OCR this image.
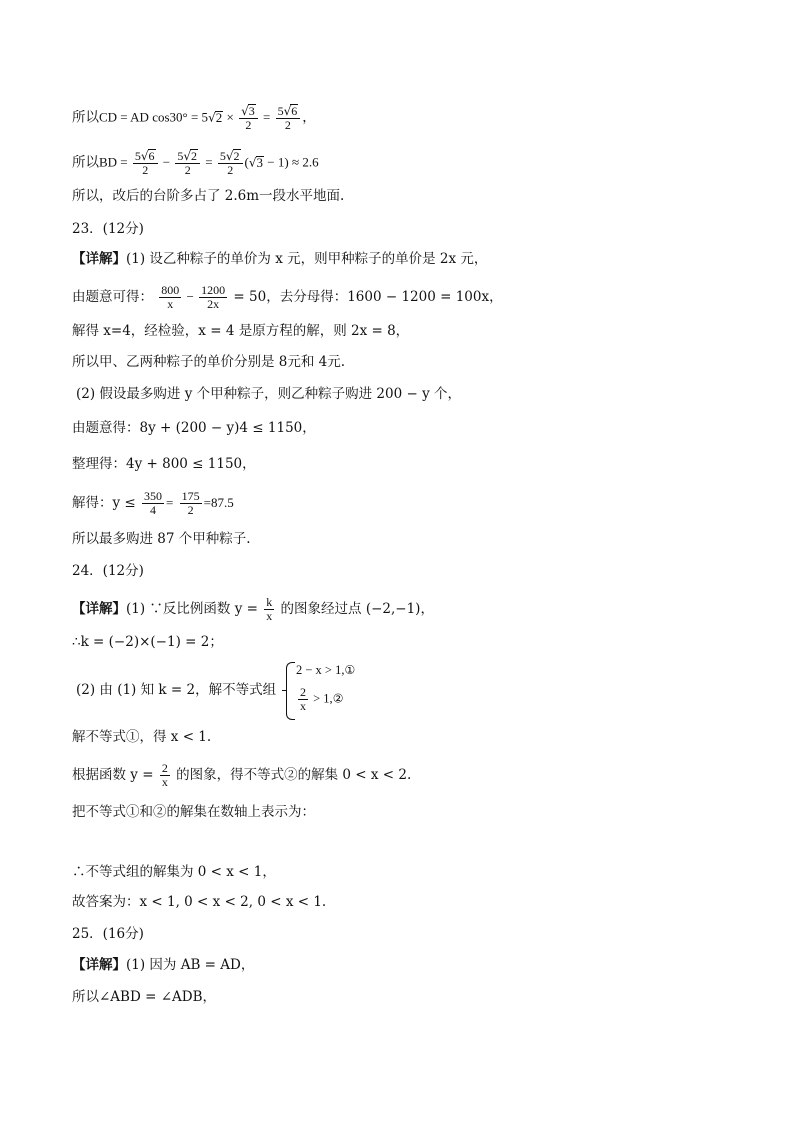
所以CD = AD $\cos 30^\circ = 5√2 \times \frac{√3}{2} = \frac{5√6}{2}$ ，
所以BD = $\frac{5√6}{2} - \frac{5√2}{2} = \frac{5√2}{2} (√3 - 1) \approx 2.6$
所以，改后的台阶多占了 2.6m一段水平地面.
23．(12分)
【详解】(1) 设乙种粽子的单价为 x 元，则甲种粽子的单价是 2x 元，
由题意可得： $\frac{800}{x} - \frac{1200}{2x} = 50$，去分母得：1600 − 1200 = 100x，
解得 x=4，经检验，x = 4 是原方程的解，则 2x = 8，
所以甲、乙两种粽子的单价分别是 8元和 4元.
(2) 假设最多购进 y 个甲种粽子，则乙种粽子购进 200 − y 个，
由题意得：8y + (200 − y)4 ≤ 1150，
整理得：4y + 800 ≤ 1150，
解得：$y \le \frac{350}{4} = \frac{175}{2} =87.5$
所以最多购进 87 个甲种粽子.
24．(12分)
【详解】(1) ∵反比例函数 $y = \frac{k}{x}$ 的图象经过点 (−2,−1)，
∴k = (−2)×(−1) = 2；
(2) 由 (1) 知 k = 2，解不等式组
2 − x > 1,①
$\frac{2}{x}$ > 1,②
解不等式①，得 x < 1.
根据函数 $y = \frac{2}{x}$ 的图象，得不等式②的解集 0 < x < 2.
把不等式①和②的解集在数轴上表示为：
∴不等式组的解集为 0 < x < 1，
故答案为：x < 1, 0 < x < 2, 0 < x < 1.
25．(16分)
【详解】(1) 因为 AB = AD，
所以∠ABD = ∠ADB，
